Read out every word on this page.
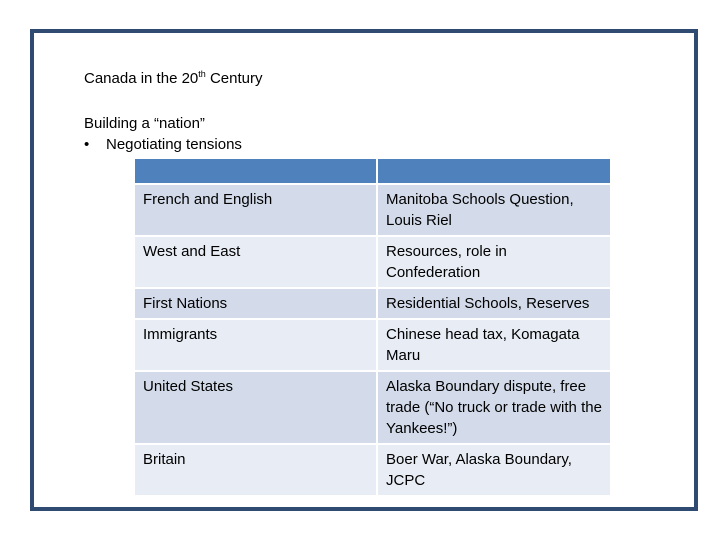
Canada in the 20th Century
Building a “nation”
• Negotiating tensions

French and English	Manitoba Schools Question, Louis Riel
West and East	Resources, role in Confederation
First Nations	Residential Schools, Reserves
Immigrants	Chinese head tax, Komagata Maru
United States	Alaska Boundary dispute, free trade (“No truck or trade with the Yankees!”)
Britain	Boer War, Alaska Boundary, JCPC
